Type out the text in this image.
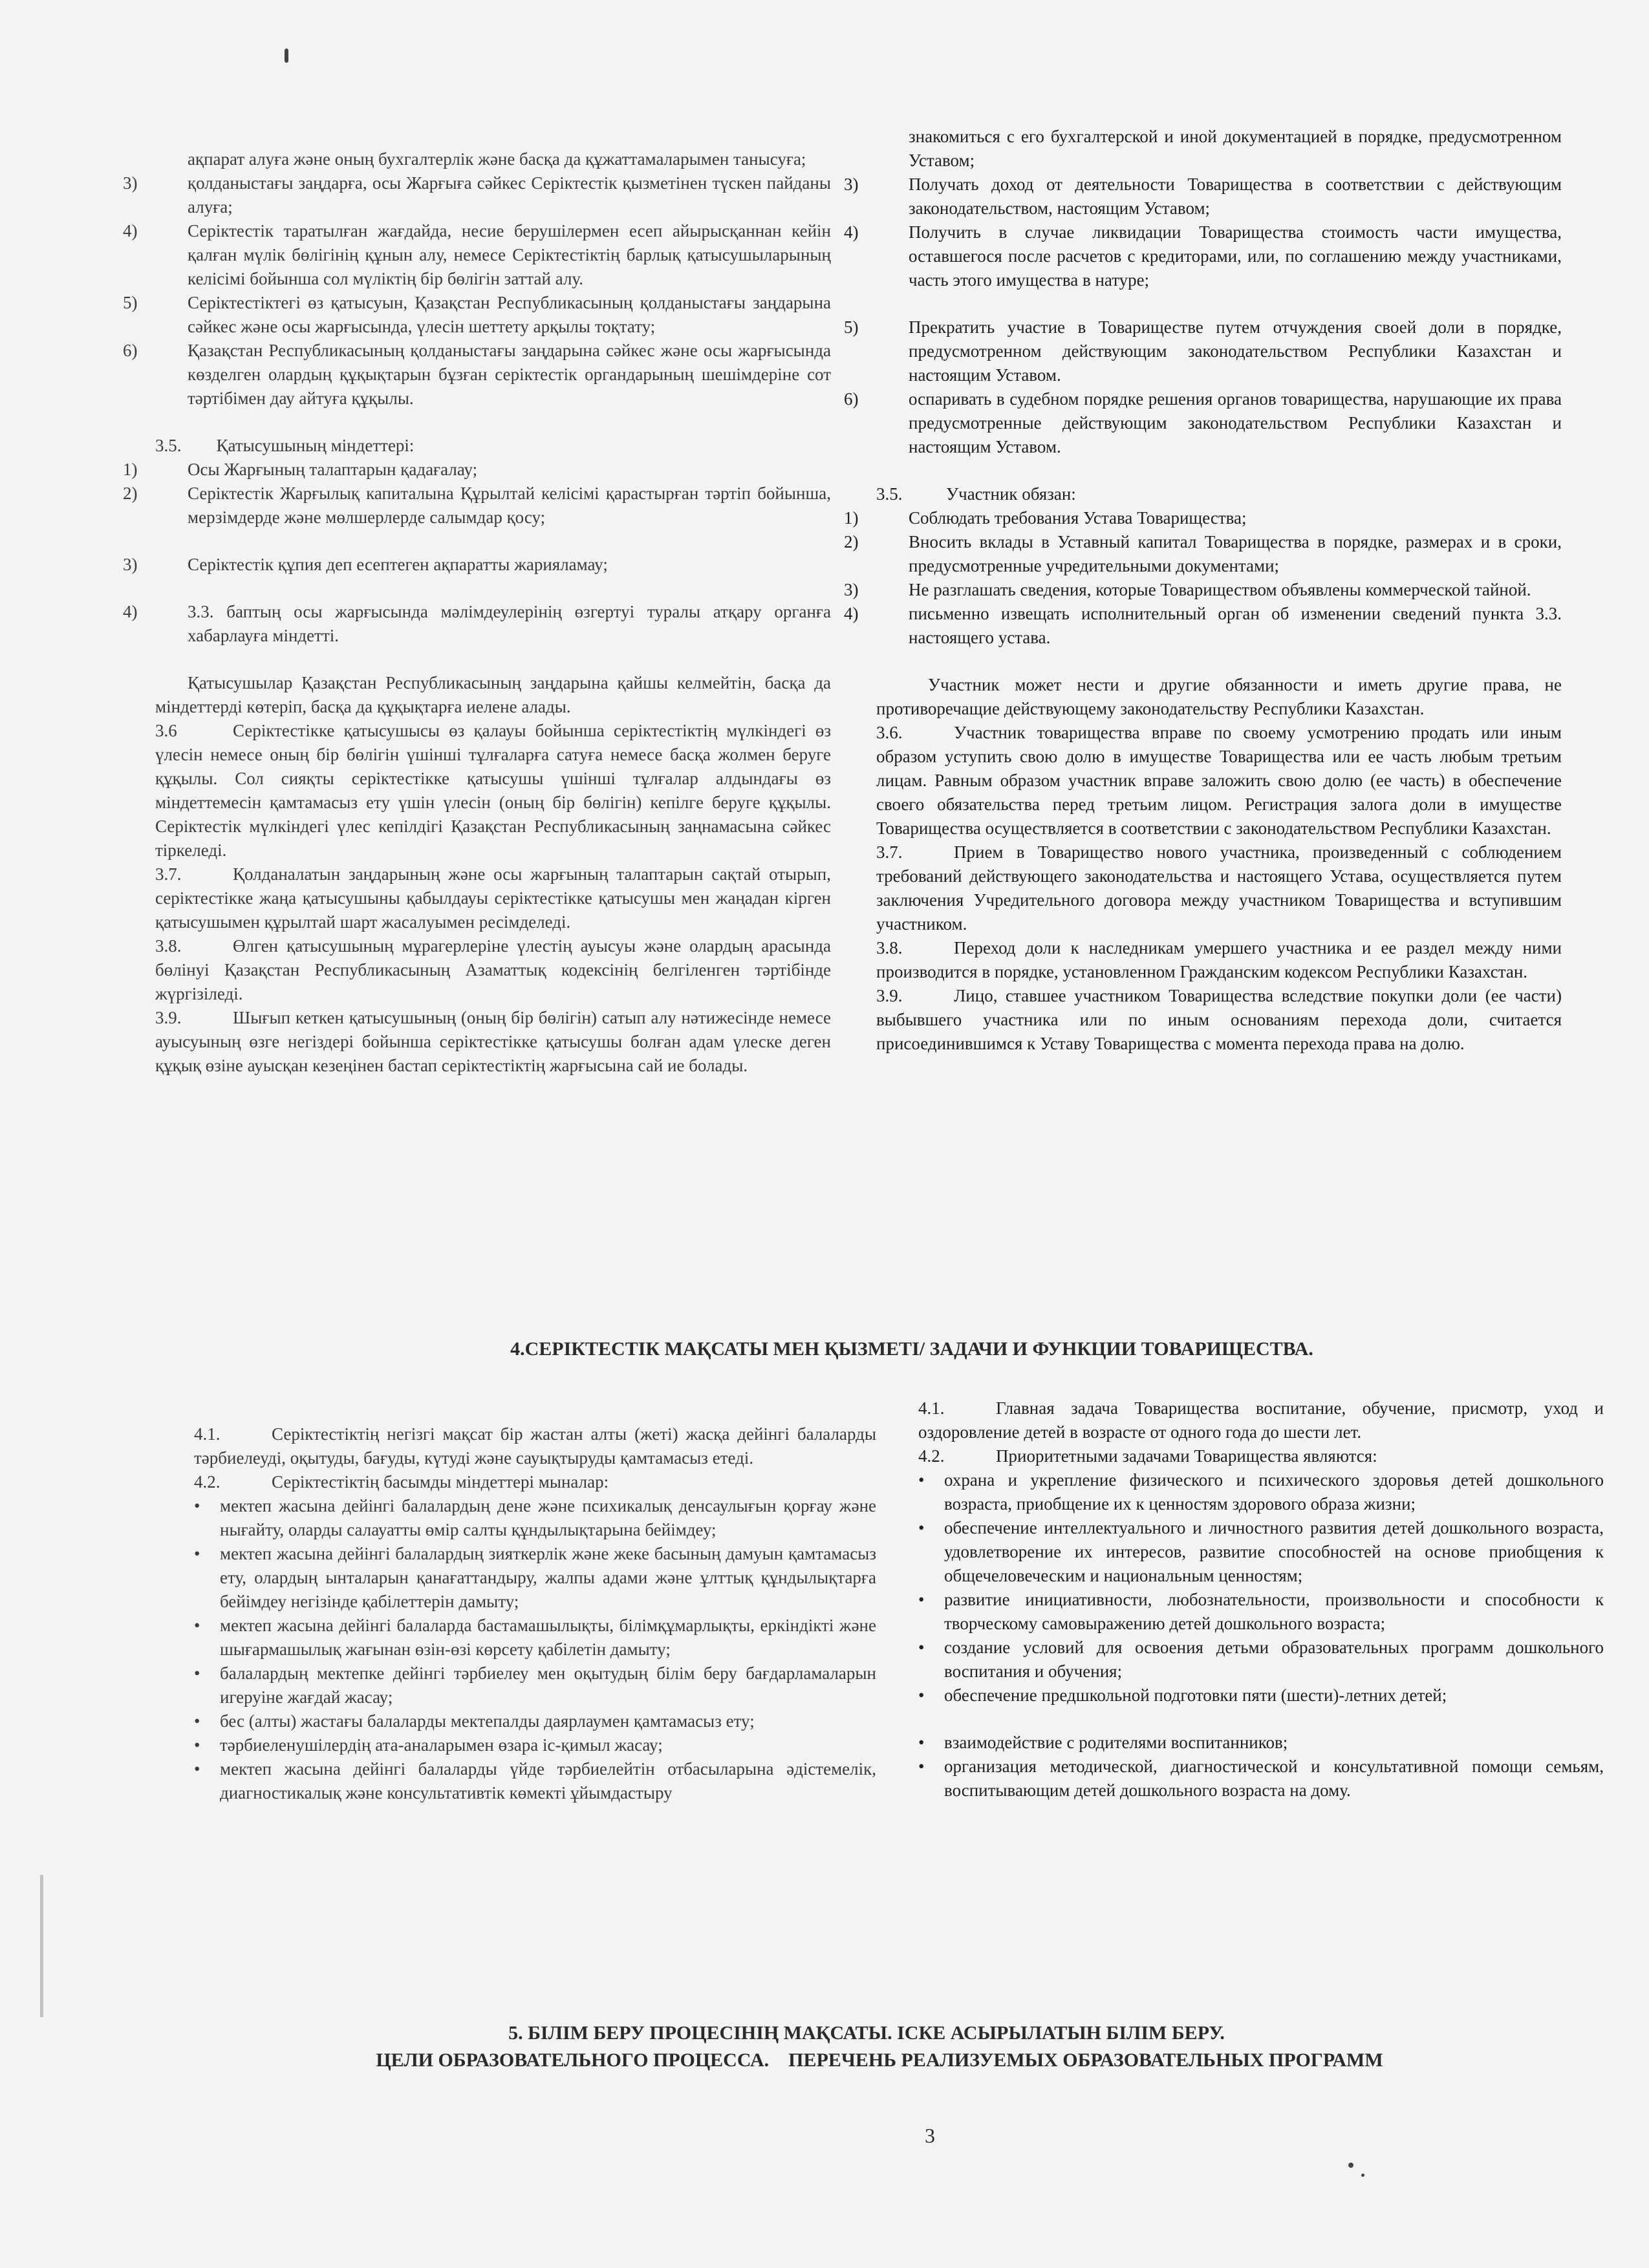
ақпарат алуға және оның бухгалтерлік және басқа да құжаттамаларымен танысуға;

3)	қолданыстағы заңдарға, осы Жарғыға сәйкес Серіктестік қызметінен түскен пайданы алуға;

4)	Серіктестік таратылған жағдайда, несие берушілермен есеп айырысқаннан кейін қалған мүлік бөлігінің құнын алу, немесе Серіктестіктің барлық қатысушыларының келісімі бойынша сол мүліктің бір бөлігін заттай алу.

5)	Серіктестіктегі өз қатысуын, Қазақстан Республикасының қолданыстағы заңдарына сәйкес және осы жарғысында, үлесін шеттету арқылы тоқтату;

6)	Қазақстан Республикасының қолданыстағы заңдарына сәйкес және осы жарғысында көзделген олардың құқықтарын бұзған серіктестік органдарының шешімдеріне сот тәртібімен дау айтуға құқылы.

3.5.        Қатысушының міндеттері:

1)	Осы Жарғының талаптарын қадағалау;

2)	Серіктестік Жарғылық капиталына Құрылтай келісімі қарастырған тәртіп бойынша, мерзімдерде және мөлшерлерде салымдар қосу;

3)	Серіктестік құпия деп есептеген ақпаратты жарияламау;

4)	3.3. баптың осы жарғысында мәлімдеулерінің өзгертуі туралы атқару органға хабарлауға міндетті.

Қатысушылар Қазақстан Республикасының заңдарына қайшы келмейтін, басқа да міндеттерді көтеріп, басқа да құқықтарға иелене алады.

3.6	Серіктестікке қатысушысы өз қалауы бойынша серіктестіктің мүлкіндегі өз үлесін немесе оның бір бөлігін үшінші тұлғаларға сатуға немесе басқа жолмен беруге құқылы. Сол сияқты серіктестікке қатысушы үшінші тұлғалар алдындағы өз міндеттемесін қамтамасыз ету үшін үлесін (оның бір бөлігін) кепілге беруге құқылы. Серіктестік мүлкіндегі үлес кепілдігі Қазақстан Республикасының заңнамасына сәйкес тіркеледі.

3.7.	Қолданалатын заңдарының және осы жарғының талаптарын сақтай отырып, серіктестікке жаңа қатысушыны қабылдауы серіктестікке қатысушы мен жаңадан кірген қатысушымен құрылтай шарт жасалуымен ресімделеді.

3.8.	Өлген қатысушының мұрагерлеріне үлестің ауысуы және олардың арасында бөлінуі Қазақстан Республикасының Азаматтық кодексінің белгіленген тәртібінде жүргізіледі.

3.9.	Шығып кеткен қатысушының (оның бір бөлігін) сатып алу нәтижесінде немесе ауысуының өзге негіздері бойынша серіктестікке қатысушы болған адам үлеске деген құқық өзіне ауысқан кезеңінен бастап серіктестіктің жарғысына сай ие болады.

знакомиться с его бухгалтерской и иной документацией в порядке, предусмотренном Уставом;

3)	Получать доход от деятельности Товарищества в соответствии с действующим законодательством, настоящим Уставом;

4)	Получить в случае ликвидации Товарищества стоимость части имущества, оставшегося после расчетов с кредиторами, или, по соглашению между участниками, часть этого имущества в натуре;

5)	Прекратить участие в Товариществе путем отчуждения своей доли в порядке, предусмотренном действующим законодательством Республики Казахстан и настоящим Уставом.

6)	оспаривать в судебном порядке решения органов товарищества, нарушающие их права предусмотренные действующим законодательством Республики Казахстан и настоящим Уставом.

3.5.          Участник обязан:

1)	Соблюдать требования Устава Товарищества;

2)	Вносить вклады в Уставный капитал Товарищества в порядке, размерах и в сроки, предусмотренные учредительными документами;

3)	Не разглашать сведения, которые Товариществом объявлены коммерческой тайной.

4)	письменно извещать исполнительный орган об изменении сведений пункта 3.3. настоящего устава.

Участник может нести и другие обязанности и иметь другие права, не противоречащие действующему законодательству Республики Казахстан.

3.6.	Участник товарищества вправе по своему усмотрению продать или иным образом уступить свою долю в имуществе Товарищества или ее часть любым третьим лицам. Равным образом участник вправе заложить свою долю (ее часть) в обеспечение своего обязательства перед третьим лицом. Регистрация залога доли в имуществе Товарищества осуществляется в соответствии с законодательством Республики Казахстан.

3.7.	Прием в Товарищество нового участника, произведенный с соблюдением требований действующего законодательства и настоящего Устава, осуществляется путем заключения Учредительного договора между участником Товарищества и вступившим участником.

3.8.	Переход доли к наследникам умершего участника и ее раздел между ними производится в порядке, установленном Гражданским кодексом Республики Казахстан.

3.9.	Лицо, ставшее участником Товарищества вследствие покупки доли (ее части) выбывшего участника или по иным основаниям перехода доли, считается присоединившимся к Уставу Товарищества с момента перехода права на долю.

4.СЕРІКТЕСТІК МАҚСАТЫ МЕН ҚЫЗМЕТІ/ ЗАДАЧИ И ФУНКЦИИ ТОВАРИЩЕСТВА.

4.1.	Серіктестіктің негізгі мақсат бір жастан алты (жеті) жасқа дейінгі балаларды тәрбиелеуді, оқытуды, бағуды, күтуді және сауықтыруды қамтамасыз етеді.

4.2.	Серіктестіктің басымды міндеттері мыналар:

• мектеп жасына дейінгі балалардың дене және психикалық денсаулығын қорғау және нығайту, оларды салауатты өмір салты құндылықтарына бейімдеу;

• мектеп жасына дейінгі балалардың зияткерлік және жеке басының дамуын қамтамасыз ету, олардың ынталарын қанағаттандыру, жалпы адами және ұлттық құндылықтарға бейімдеу негізінде қабілеттерін дамыту;

• мектеп жасына дейінгі балаларда бастамашылықты, білімқұмарлықты, еркіндікті және шығармашылық жағынан өзін-өзі көрсету қабілетін дамыту;

• балалардың мектепке дейінгі тәрбиелеу мен оқытудың білім беру бағдарламаларын игеруіне жағдай жасау;

• бес (алты) жастағы балаларды мектепалды даярлаумен қамтамасыз ету;

• тәрбиеленушілердің ата-аналарымен өзара іс-қимыл жасау;

• мектеп жасына дейінгі балаларды үйде тәрбиелейтін отбасыларына әдістемелік, диагностикалық және консультативтік көмекті ұйымдастыру

4.1.	Главная задача Товарищества воспитание, обучение, присмотр, уход и оздоровление детей в возрасте от одного года до шести лет.

4.2.	Приоритетными задачами Товарищества являются:

• охрана и укрепление физического и психического здоровья детей дошкольного возраста, приобщение их к ценностям здорового образа жизни;

• обеспечение интеллектуального и личностного развития детей дошкольного возраста, удовлетворение их интересов, развитие способностей на основе приобщения к общечеловеческим и национальным ценностям;

• развитие инициативности, любознательности, произвольности и способности к творческому самовыражению детей дошкольного возраста;

• создание условий для освоения детьми образовательных программ дошкольного воспитания и обучения;

• обеспечение предшкольной подготовки пяти (шести)-летних детей;

• взаимодействие с родителями воспитанников;

• организация методической, диагностической и консультативной помощи семьям, воспитывающим детей дошкольного возраста на дому.

5. БІЛІМ БЕРУ ПРОЦЕСІНІҢ МАҚСАТЫ. ІСКЕ АСЫРЫЛАТЫН БІЛІМ БЕРУ.
ЦЕЛИ ОБРАЗОВАТЕЛЬНОГО ПРОЦЕССА.    ПЕРЕЧЕНЬ РЕАЛИЗУЕМЫХ ОБРАЗОВАТЕЛЬНЫХ ПРОГРАММ
3
